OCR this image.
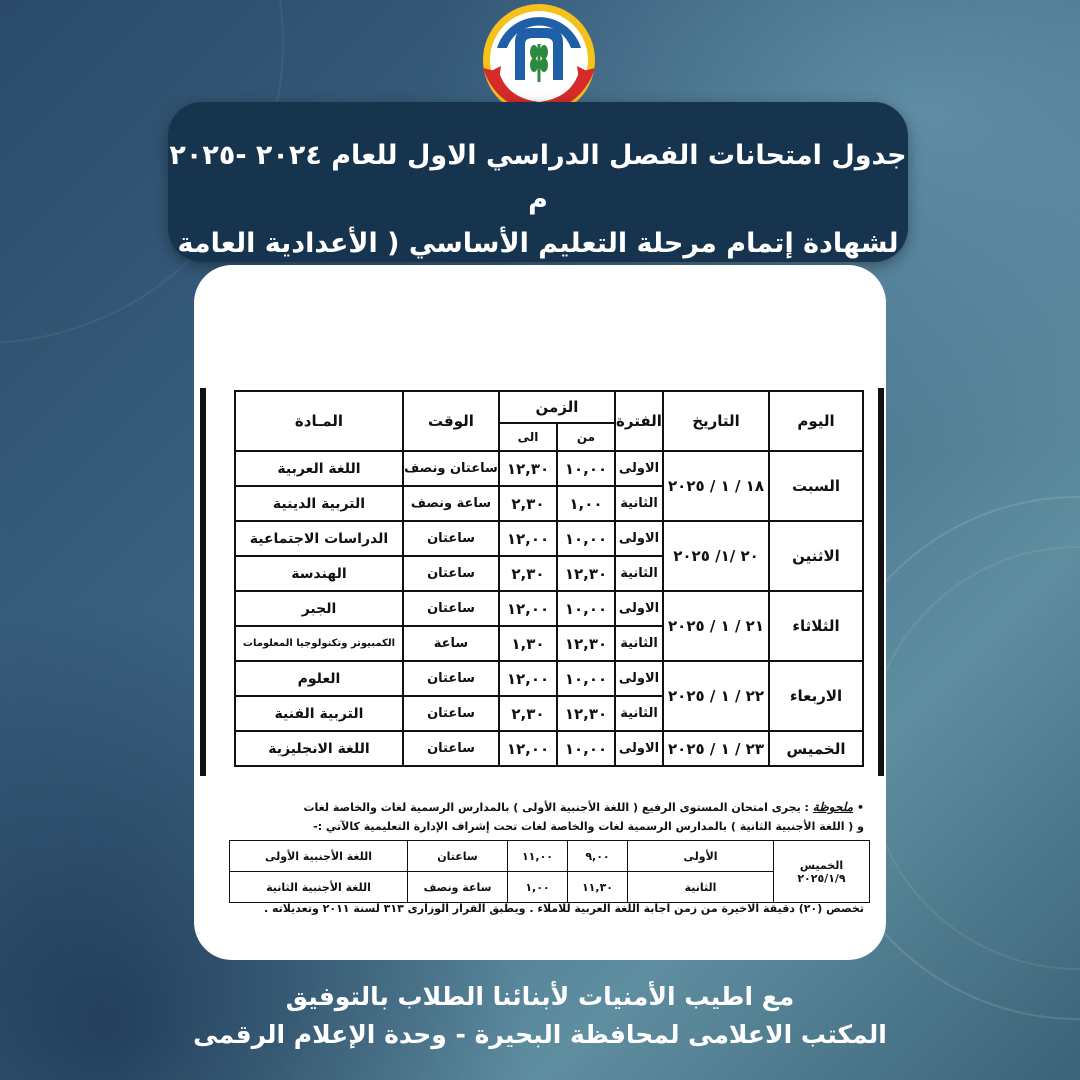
جدول امتحانات الفصل الدراسي الاول للعام ٢٠٢٤ -٢٠٢٥ م
لشهادة إتمام مرحلة التعليم الأساسي ( الأعدادية العامة
اليوم	التاريخ	الفترة	الزمن		الوقت	المـادة
			من	الى		
السبت	١٨ / ١ / ٢٠٢٥	الاولى	١٠,٠٠	١٢,٣٠	ساعتان ونصف	اللغة العربية
		الثانية	١,٠٠	٢,٣٠	ساعة ونصف	التربية الدينية
الاثنين	٢٠ /١/ ٢٠٢٥	الاولى	١٠,٠٠	١٢,٠٠	ساعتان	الدراسات الاجتماعية
		الثانية	١٢,٣٠	٢,٣٠	ساعتان	الهندسة
الثلاثاء	٢١ / ١ / ٢٠٢٥	الاولى	١٠,٠٠	١٢,٠٠	ساعتان	الجبر
		الثانية	١٢,٣٠	١,٣٠	ساعة	الكمبيوتر وتكنولوجيا المعلومات
الاربعاء	٢٢ / ١ / ٢٠٢٥	الاولى	١٠,٠٠	١٢,٠٠	ساعتان	العلوم
		الثانية	١٢,٣٠	٢,٣٠	ساعتان	التربية الفنية
الخميس	٢٣ / ١ / ٢٠٢٥	الاولى	١٠,٠٠	١٢,٠٠	ساعتان	اللغة الانجليزية
• ملحوظة : يجرى امتحان المستوى الرفيع ( اللغة الأجنبية الأولى ) بالمدارس الرسمية لغات والخاصة لغات
و ( اللغة الأجنبية الثانية ) بالمدارس الرسمية لغات والخاصة لغات تحت إشراف الإدارة التعليمية كالآتي :-
الخميس
٢٠٢٥/١/٩	الأولى	٩,٠٠	١١,٠٠	ساعتان	اللغة الأجنبية الأولى
	الثانية	١١,٣٠	١,٠٠	ساعة ونصف	اللغة الأجنبية الثانية
تخصص (٢٠) دقيقة الاخيرة من زمن اجابة اللغة العربية للاملاء . ويطبق القرار الوزارى ٣١٣ لسنة ٢٠١١ وتعديلاته .
مع اطيب الأمنيات لأبنائنا الطلاب بالتوفيق
المكتب الاعلامى لمحافظة البحيرة - وحدة الإعلام الرقمى
